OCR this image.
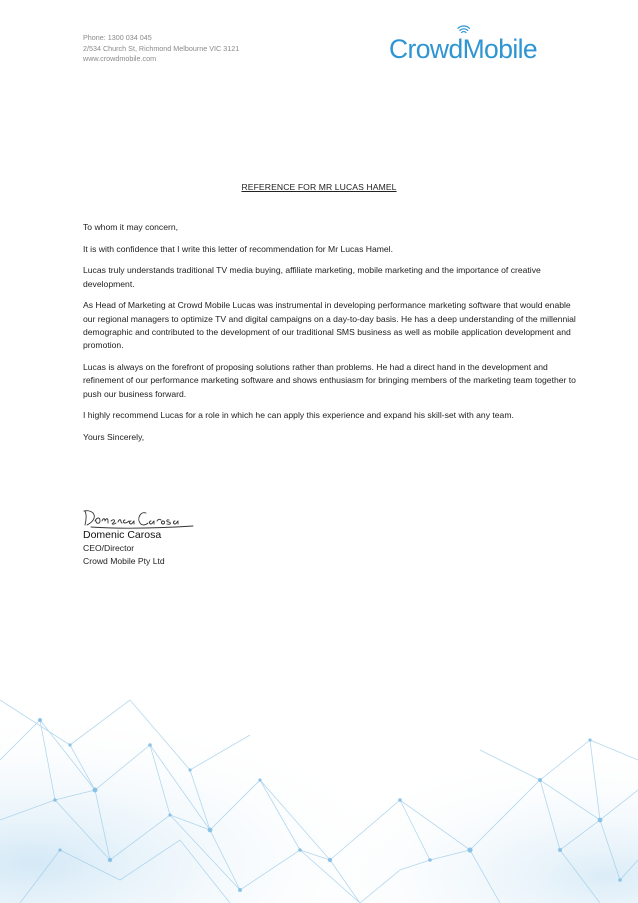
Phone: 1300 034 045
2/534 Church St, Richmond Melbourne VIC 3121
www.crowdmobile.com	CrowdMobile
REFERENCE FOR MR LUCAS HAMEL

To whom it may concern,

It is with confidence that I write this letter of recommendation for Mr Lucas Hamel.

Lucas truly understands traditional TV media buying, affiliate marketing, mobile marketing and the importance of creative development.

As Head of Marketing at Crowd Mobile Lucas was instrumental in developing performance marketing software that would enable our regional managers to optimize TV and digital campaigns on a day-to-day basis. He has a deep understanding of the millennial demographic and contributed to the development of our traditional SMS business as well as mobile application development and promotion.

Lucas is always on the forefront of proposing solutions rather than problems. He had a direct hand in the development and refinement of our performance marketing software and shows enthusiasm for bringing members of the marketing team together to push our business forward.

I highly recommend Lucas for a role in which he can apply this experience and expand his skill-set with any team.

Yours Sincerely,

Domenic Carosa
CEO/Director
Crowd Mobile Pty Ltd
